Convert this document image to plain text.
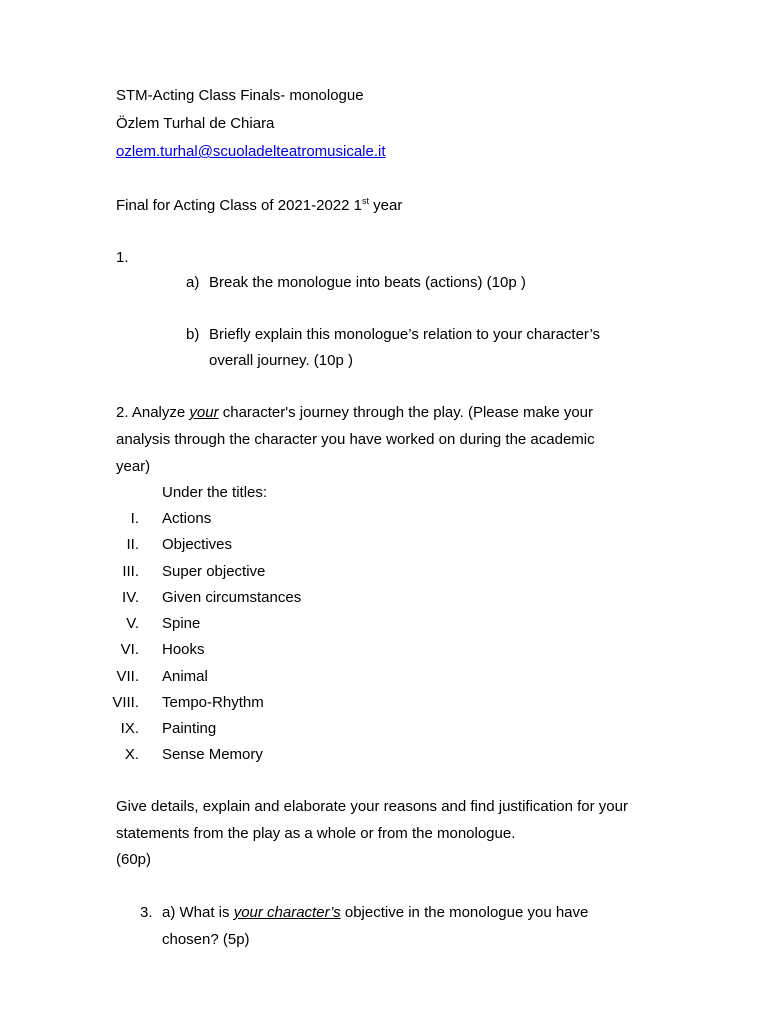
STM-Acting Class Finals- monologue
Özlem Turhal de Chiara
ozlem.turhal@scuoladelteatromusicale.it
Final for Acting Class of 2021-2022 1st year
1.
a) Break the monologue into beats (actions) (10p )
b) Briefly explain this monologue’s relation to your character’s
overall journey. (10p )
2. Analyze your character's journey through the play. (Please make your
analysis through the character you have worked on during the academic
year)
Under the titles:
I. Actions
II. Objectives
III. Super objective
IV. Given circumstances
V. Spine
VI. Hooks
VII. Animal
VIII. Tempo-Rhythm
IX. Painting
X. Sense Memory
Give details, explain and elaborate your reasons and find justification for your
statements from the play as a whole or from the monologue.
(60p)
3. a) What is your character’s objective in the monologue you have
chosen? (5p)
